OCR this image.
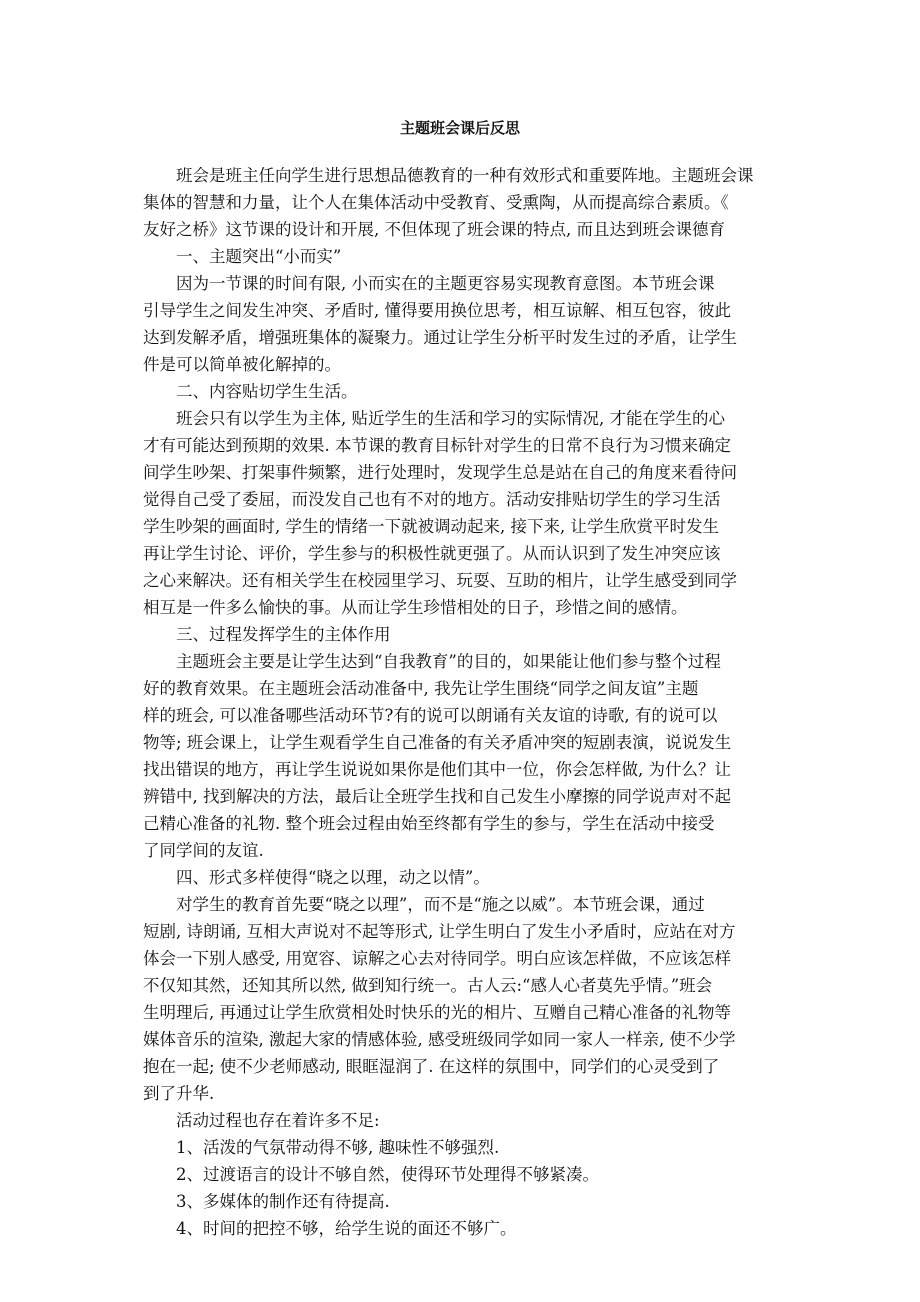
主题班会课后反思

班会是班主任向学生进行思想品德教育的一种有效形式和重要阵地。主题班会课

集体的智慧和力量，让个人在集体活动中受教育、受熏陶，从而提高综合素质。《

友好之桥》这节课的设计和开展, 不但体现了班会课的特点, 而且达到班会课德育

一、主题突出“小而实”

因为一节课的时间有限, 小而实在的主题更容易实现教育意图。本节班会课

引导学生之间发生冲突、矛盾时, 懂得要用换位思考，相互谅解、相互包容，彼此

达到发解矛盾，增强班集体的凝聚力。通过让学生分析平时发生过的矛盾，让学生

件是可以简单被化解掉的。

二、内容贴切学生生活。

班会只有以学生为主体, 贴近学生的生活和学习的实际情况, 才能在学生的心

才有可能达到预期的效果. 本节课的教育目标针对学生的日常不良行为习惯来确定

间学生吵架、打架事件频繁，进行处理时，发现学生总是站在自己的角度来看待问

觉得自己受了委屈，而没发自己也有不对的地方。活动安排贴切学生的学习生活

学生吵架的画面时, 学生的情绪一下就被调动起来, 接下来, 让学生欣赏平时发生

再让学生讨论、评价，学生参与的积极性就更强了。从而认识到了发生冲突应该

之心来解决。还有相关学生在校园里学习、玩耍、互助的相片，让学生感受到同学

相互是一件多么愉快的事。从而让学生珍惜相处的日子，珍惜之间的感情。

三、过程发挥学生的主体作用

主题班会主要是让学生达到“自我教育”的目的，如果能让他们参与整个过程

好的教育效果。在主题班会活动准备中, 我先让学生围绕“同学之间友谊”主题

样的班会, 可以准备哪些活动环节?有的说可以朗诵有关友谊的诗歌, 有的说可以

物等; 班会课上，让学生观看学生自己准备的有关矛盾冲突的短剧表演，说说发生

找出错误的地方，再让学生说说如果你是他们其中一位，你会怎样做, 为什么？让

辨错中, 找到解决的方法，最后让全班学生找和自己发生小摩擦的同学说声对不起

己精心准备的礼物. 整个班会过程由始至终都有学生的参与，学生在活动中接受

了同学间的友谊.

四、形式多样使得“晓之以理，动之以情”。

对学生的教育首先要“晓之以理”，而不是“施之以威”。本节班会课，通过

短剧, 诗朗诵, 互相大声说对不起等形式, 让学生明白了发生小矛盾时，应站在对方

体会一下别人感受, 用宽容、谅解之心去对待同学。明白应该怎样做，不应该怎样

不仅知其然，还知其所以然, 做到知行统一。古人云:“感人心者莫先乎情。”班会

生明理后, 再通过让学生欣赏相处时快乐的光的相片、互赠自己精心准备的礼物等

媒体音乐的渲染, 激起大家的情感体验, 感受班级同学如同一家人一样亲, 使不少学

抱在一起; 使不少老师感动, 眼眶湿润了. 在这样的氛围中，同学们的心灵受到了

到了升华.

活动过程也存在着许多不足:

1、活泼的气氛带动得不够, 趣味性不够强烈.

2、过渡语言的设计不够自然，使得环节处理得不够紧凑。

3、多媒体的制作还有待提高.

4、时间的把控不够，给学生说的面还不够广。
